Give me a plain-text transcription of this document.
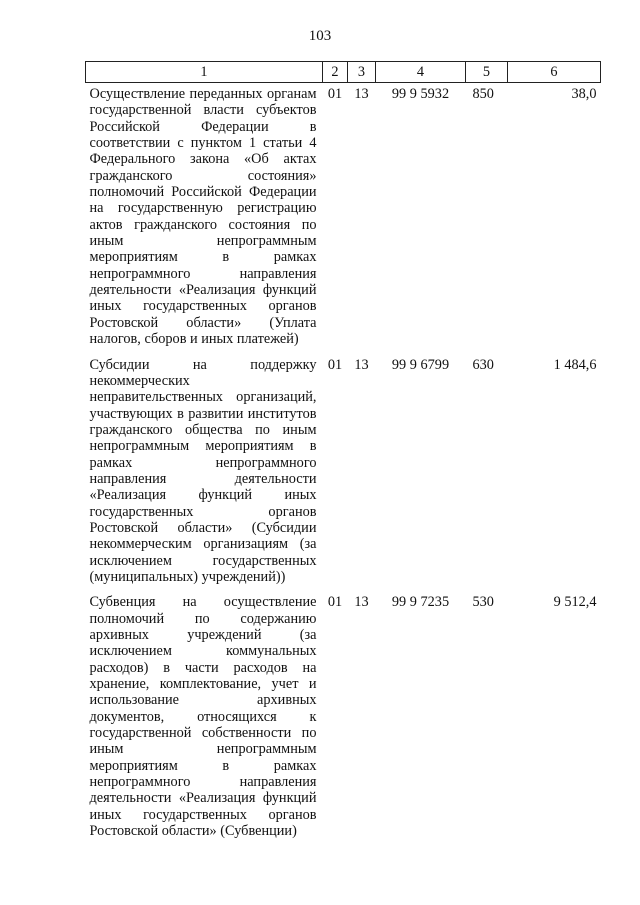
103
1	2	3	4	5	6
Осуществление переданных органам государственной власти субъектов Российской Федерации в соответствии с пунктом 1 статьи 4 Федерального закона «Об актах гражданского состояния» полномочий Российской Федерации на государственную регистрацию актов гражданского состояния по иным непрограммным мероприятиям в рамках непрограммного направления деятельности «Реализация функций иных государственных органов Ростовской области» (Уплата налогов, сборов и иных платежей)	01	13	99 9 5932	850	38,0
Субсидии на поддержку некоммерческих неправительственных организаций, участвующих в развитии институтов гражданского общества по иным непрограммным мероприятиям в рамках непрограммного направления деятельности «Реализация функций иных государственных органов Ростовской области» (Субсидии некоммерческим организациям (за исключением государственных (муниципальных) учреждений))	01	13	99 9 6799	630	1 484,6
Субвенция на осуществление полномочий по содержанию архивных учреждений (за исключением коммунальных расходов) в части расходов на хранение, комплектование, учет и использование архивных документов, относящихся к государственной собственности по иным непрограммным мероприятиям в рамках непрограммного направления деятельности «Реализация функций иных государственных органов Ростовской области» (Субвенции)	01	13	99 9 7235	530	9 512,4
